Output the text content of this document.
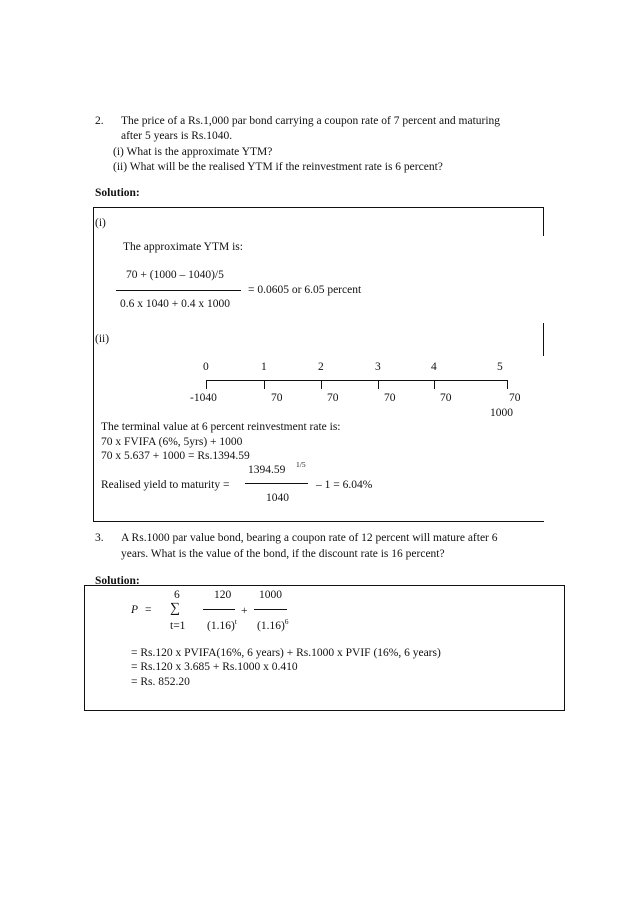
2. The price of a Rs.1,000 par bond carrying a coupon rate of 7 percent and maturing
after 5 years is Rs.1040.
(i) What is the approximate YTM?
(ii) What will be the realised YTM if the reinvestment rate is 6 percent?
Solution:
(i)
The approximate YTM is:
70 + (1000 – 1040)/5
= 0.0605 or 6.05 percent
0.6 x 1040 + 0.4 x 1000
(ii)
0	1	2	3	4	5
-1040	70	70	70	70	70
1000
The terminal value at 6 percent reinvestment rate is:
70 x FVIFA (6%, 5yrs) + 1000
70 x 5.637 + 1000 = Rs.1394.59
1394.59 1/5
Realised yield to maturity =	– 1 = 6.04%
1040
3. A Rs.1000 par value bond, bearing a coupon rate of 12 percent will mature after 6
years. What is the value of the bond, if the discount rate is 16 percent?
Solution:
6	120 1000
P = ∑	+
t=1 $(1.16)^t$ $(1.16)^6$
= Rs.120 x PVIFA(16%, 6 years) + Rs.1000 x PVIF (16%, 6 years)
= Rs.120 x 3.685 + Rs.1000 x 0.410
= Rs. 852.20
